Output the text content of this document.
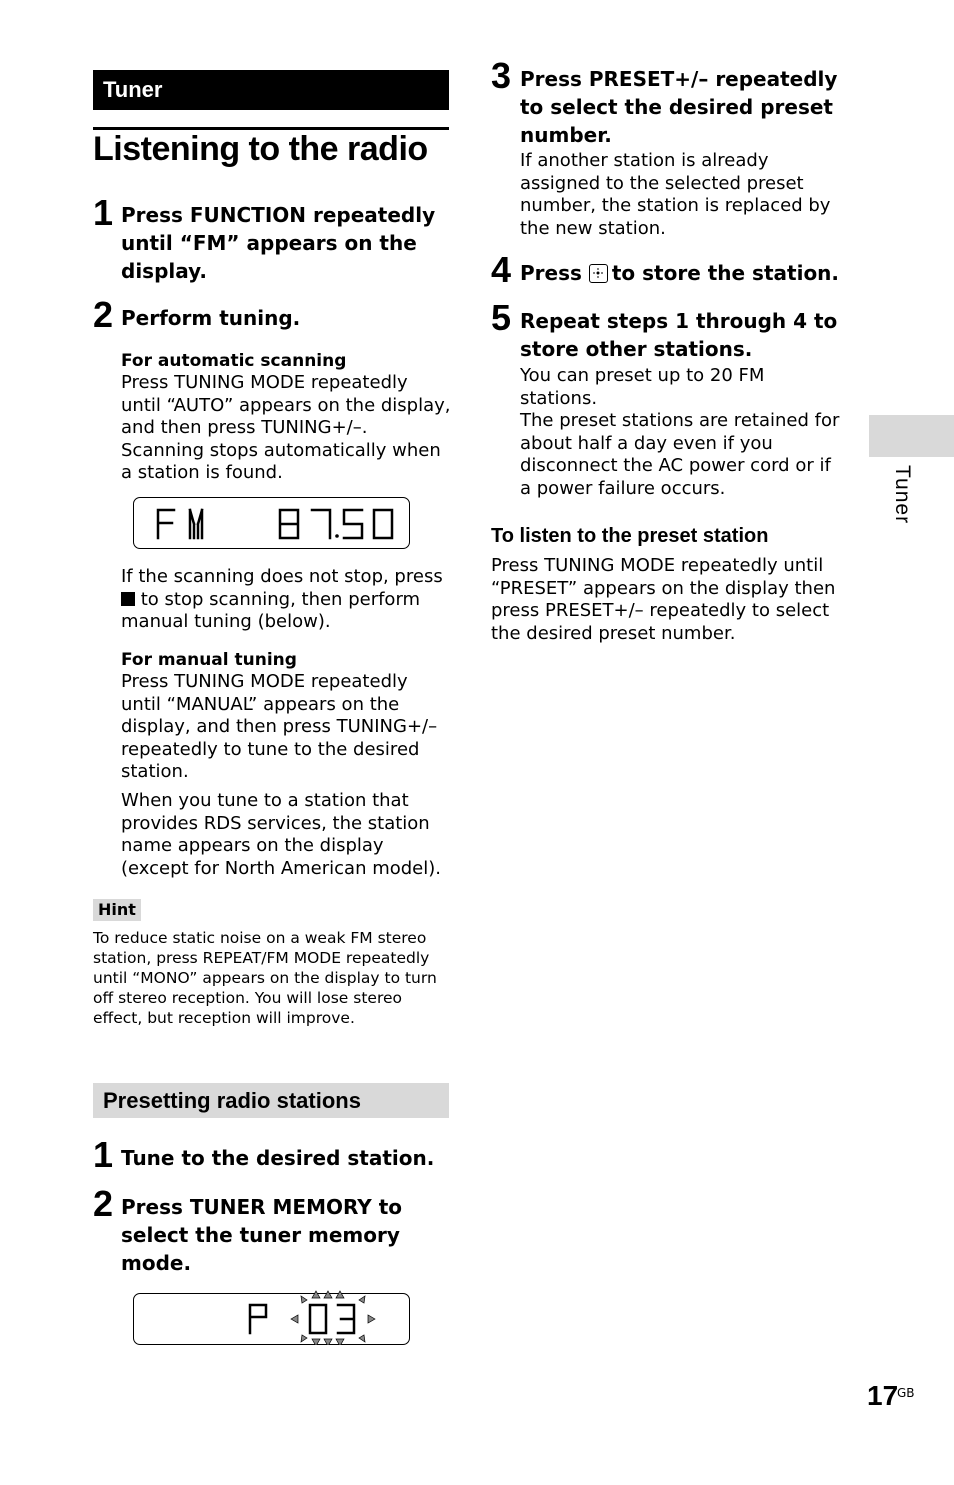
Tuner
Listening to the radio
1 Press FUNCTION repeatedly until “FM” appears on the display.
2 Perform tuning.
For automatic scanning
Press TUNING MODE repeatedly until “AUTO” appears on the display, and then press TUNING+/–. Scanning stops automatically when a station is found.
If the scanning does not stop, press  to stop scanning, then perform manual tuning (below).
For manual tuning
Press TUNING MODE repeatedly until “MANUAL” appears on the display, and then press TUNING+/– repeatedly to tune to the desired station.
When you tune to a station that provides RDS services, the station name appears on the display (except for North American model).
Hint
To reduce static noise on a weak FM stereo station, press REPEAT/FM MODE repeatedly until “MONO” appears on the display to turn off stereo reception. You will lose stereo effect, but reception will improve.
Presetting radio stations
1 Tune to the desired station.
2 Press TUNER MEMORY to select the tuner memory mode.
3 Press PRESET+/– repeatedly to select the desired preset number.
If another station is already assigned to the selected preset number, the station is replaced by the new station.
4 Press to store the station.
5 Repeat steps 1 through 4 to store other stations.
You can preset up to 20 FM stations.
The preset stations are retained for about half a day even if you disconnect the AC power cord or if a power failure occurs.
To listen to the preset station
Press TUNING MODE repeatedly until “PRESET” appears on the display then press PRESET+/– repeatedly to select the desired preset number.
Tuner
17
GB
